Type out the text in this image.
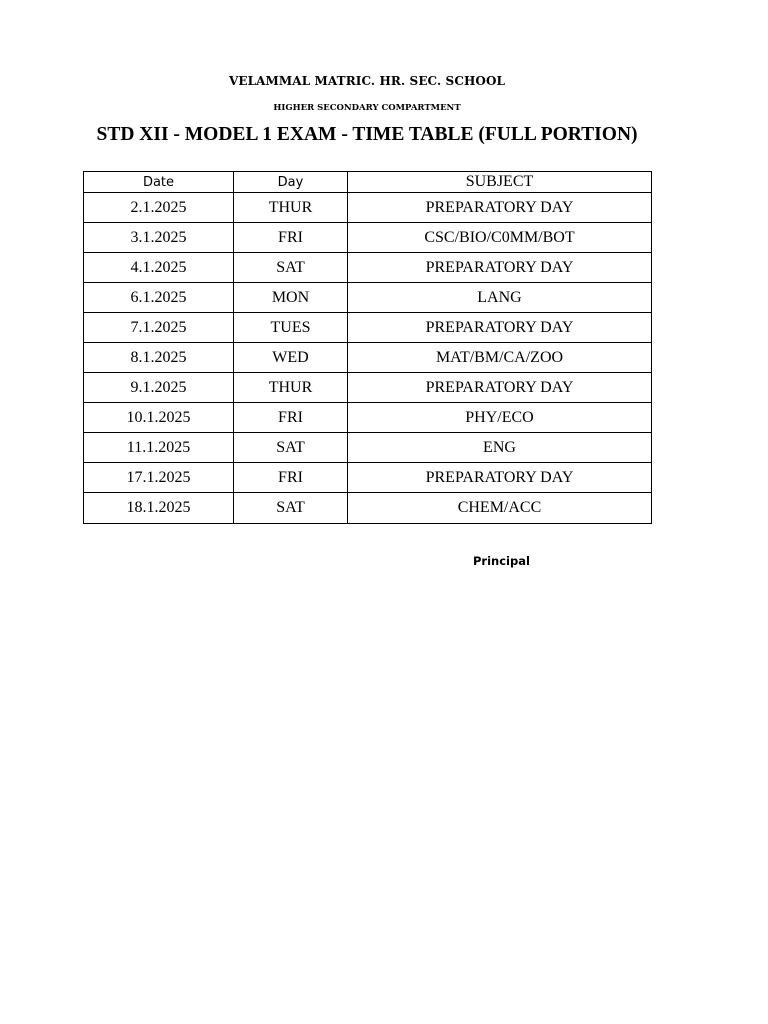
VELAMMAL MATRIC. HR. SEC. SCHOOL
HIGHER SECONDARY COMPARTMENT
STD XII - MODEL 1 EXAM - TIME TABLE (FULL PORTION)
Date	Day	SUBJECT
2.1.2025	THUR	PREPARATORY DAY
3.1.2025	FRI	CSC/BIO/C0MM/BOT
4.1.2025	SAT	PREPARATORY DAY
6.1.2025	MON	LANG
7.1.2025	TUES	PREPARATORY DAY
8.1.2025	WED	MAT/BM/CA/ZOO
9.1.2025	THUR	PREPARATORY DAY
10.1.2025	FRI	PHY/ECO
11.1.2025	SAT	ENG
17.1.2025	FRI	PREPARATORY DAY
18.1.2025	SAT	CHEM/ACC
Principal
